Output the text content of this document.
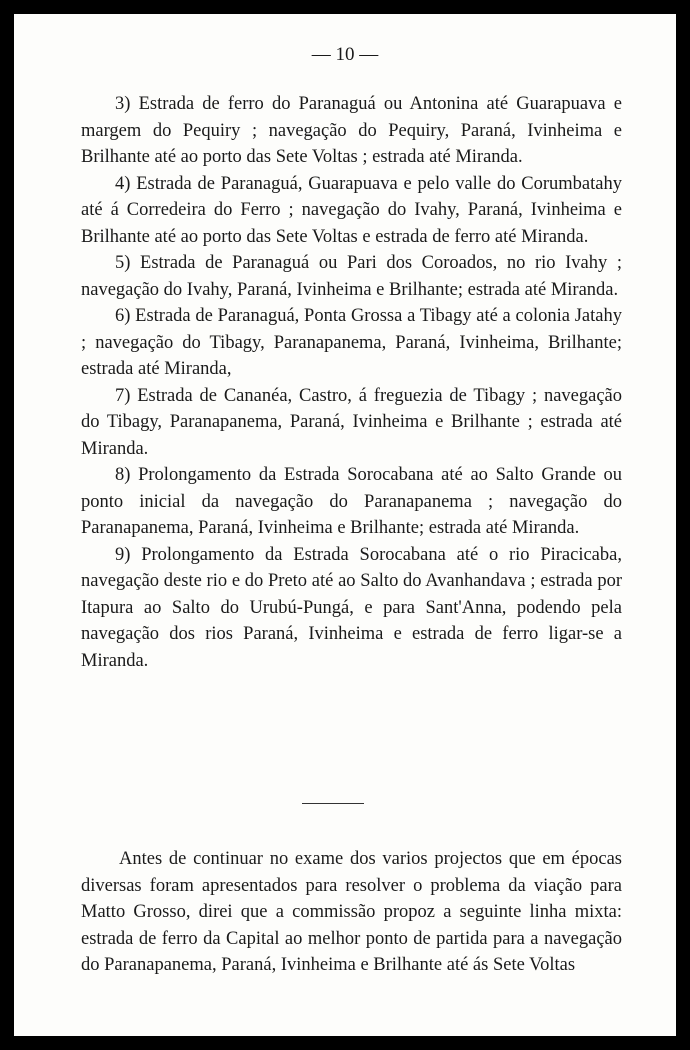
— 10 —

3) Estrada de ferro do Paranaguá ou Antonina até Guarapuava e margem do Pequiry ; navegação do Pequiry, Paraná, Ivinheima e Brilhante até ao porto das Sete Voltas ; estrada até Miranda.

4) Estrada de Paranaguá, Guarapuava e pelo valle do Corumbatahy até á Corredeira do Ferro ; navegação do Ivahy, Paraná, Ivinheima e Brilhante até ao porto das Sete Voltas e estrada de ferro até Miranda.

5) Estrada de Paranaguá ou Pari dos Coroados, no rio Ivahy ; navegação do Ivahy, Paraná, Ivinheima e Brilhante; estrada até Miranda.

6) Estrada de Paranaguá, Ponta Grossa a Tibagy até a colonia Jatahy ; navegação do Tibagy, Paranapanema, Paraná, Ivinheima, Brilhante; estrada até Miranda,

7) Estrada de Cananéa, Castro, á freguezia de Tibagy ; navegação do Tibagy, Paranapanema, Paraná, Ivinheima e Brilhante ; estrada até Miranda.

8) Prolongamento da Estrada Sorocabana até ao Salto Grande ou ponto inicial da navegação do Paranapanema ; navegação do Paranapanema, Paraná, Ivinheima e Brilhante; estrada até Miranda.

9) Prolongamento da Estrada Sorocabana até o rio Piracicaba, navegação deste rio e do Preto até ao Salto do Avanhandava ; estrada por Itapura ao Salto do Urubú-Pungá, e para Sant'Anna, podendo pela navegação dos rios Paraná, Ivinheima e estrada de ferro ligar-se a Miranda.

Antes de continuar no exame dos varios projectos que em épocas diversas foram apresentados para resolver o problema da viação para Matto Grosso, direi que a commissão propoz a seguinte linha mixta: estrada de ferro da Capital ao melhor ponto de partida para a navegação do Paranapanema, Paraná, Ivinheima e Brilhante até ás Sete Voltas
